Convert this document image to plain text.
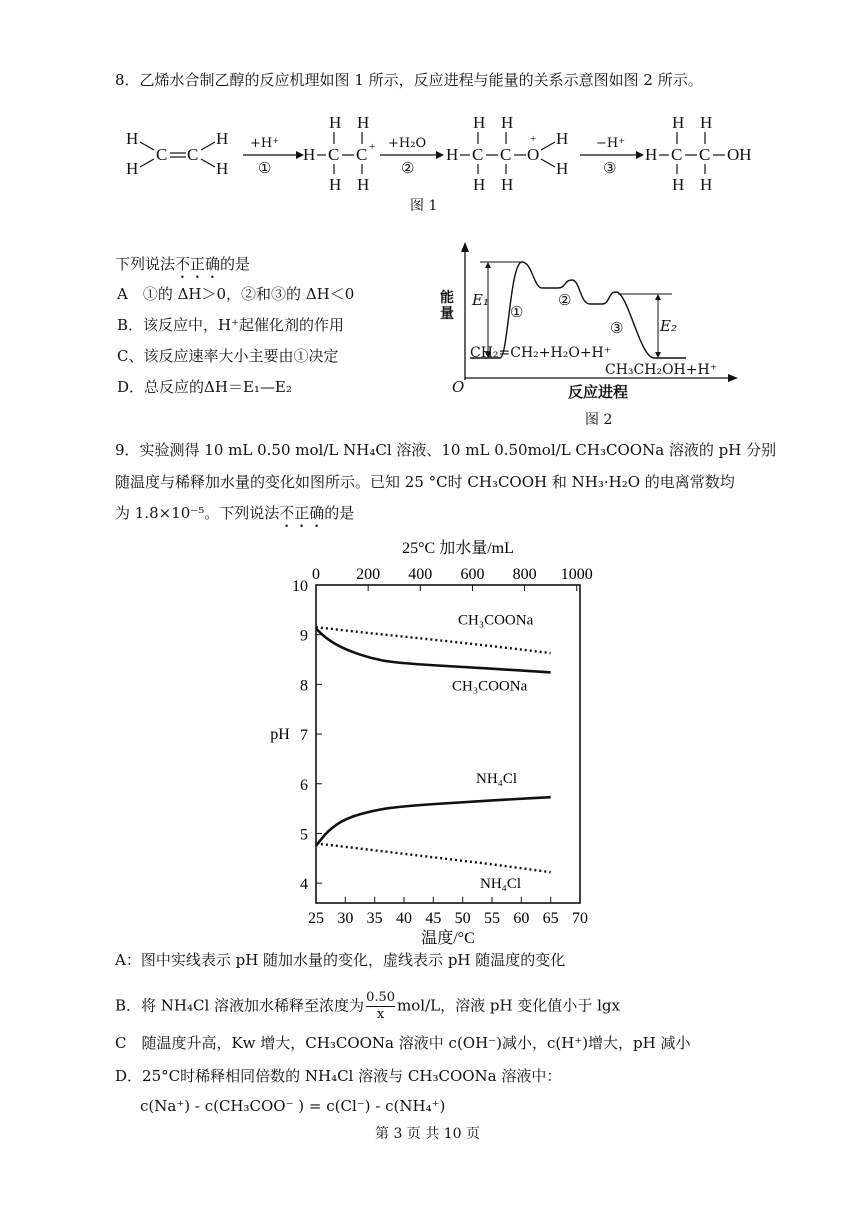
8．乙烯水合制乙醇的反应机理如图 1 所示，反应进程与能量的关系示意图如图 2 所示。
H
H
C C
H
H
H C
H
H
C +
H
H
H C
H
H
C
H
H
O
+ H
H
H C
H
H
C
H
H
OH
+H⁺
①
+H₂O
②
−H⁺
③
图 1
下列说法不正确的是
A　①的 ΔH＞0，②和③的 ΔH＜0
B．该反应中，H⁺起催化剂的作用
C、该反应速率大小主要由①决定
D．总反应的ΔH＝E₁—E₂
能量
E₁
E₂
①
②
③
CH₂=CH₂+H₂O+H⁺
CH₃CH₂OH+H⁺
O	反应进程
图 2
9．实验测得 10 mL 0.50 mol/L NH₄Cl 溶液、10 mL 0.50mol/L CH₃COONa 溶液的 pH 分别
随温度与稀释加水量的变化如图所示。已知 25 °C时 CH₃COOH 和 NH₃·H₂O 的电离常数均
为 1.8×10⁻⁵。下列说法不正确的是
25°C 加水量/mL
0 200 400 600 800 1000
25 30 35 40 45 50 55 60 65 70
4
5
6
7
8
9
10
pH
温度/°C
CH₃COONa
CH₃COONa
NH₄Cl
NH₄Cl
A：图中实线表示 pH 随加水量的变化，虚线表示 pH 随温度的变化
B．将 NH₄Cl 溶液加水稀释至浓度为 $\frac{0.50}{x} mol/L$，溶液 pH 变化值小于 lgx
C　随温度升高，Kw 增大，CH₃COONa 溶液中 c(OH⁻)减小，c(H⁺)增大，pH 减小
D．25°C时稀释相同倍数的 NH₄Cl 溶液与 CH₃COONa 溶液中：
c(Na⁺) - c(CH₃COO⁻ ) = c(Cl⁻) - c(NH₄⁺)
第 3 页 共 10 页
